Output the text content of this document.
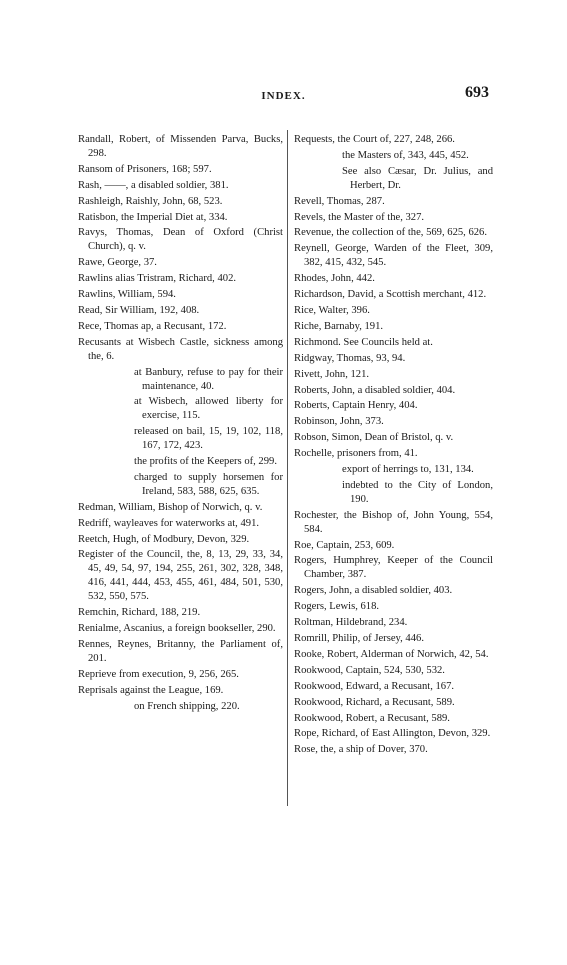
INDEX.	693

Randall, Robert, of Missenden Parva, Bucks, 298.

Ransom of Prisoners, 168; 597.

Rash, ——, a disabled soldier, 381.

Rashleigh, Raishly, John, 68, 523.

Ratisbon, the Imperial Diet at, 334.

Ravys, Thomas, Dean of Oxford (Christ Church), q. v.

Rawe, George, 37.

Rawlins alias Tristram, Richard, 402.

Rawlins, William, 594.

Read, Sir William, 192, 408.

Rece, Thomas ap, a Recusant, 172.

Recusants at Wisbech Castle, sickness among the, 6.

at Banbury, refuse to pay for their maintenance, 40.

at Wisbech, allowed liberty for exercise, 115.

released on bail, 15, 19, 102, 118, 167, 172, 423.

the profits of the Keepers of, 299.

charged to supply horsemen for Ireland, 583, 588, 625, 635.

Redman, William, Bishop of Norwich, q. v.

Redriff, wayleaves for waterworks at, 491.

Reetch, Hugh, of Modbury, Devon, 329.

Register of the Council, the, 8, 13, 29, 33, 34, 45, 49, 54, 97, 194, 255, 261, 302, 328, 348, 416, 441, 444, 453, 455, 461, 484, 501, 530, 532, 550, 575.

Remchin, Richard, 188, 219.

Renialme, Ascanius, a foreign bookseller, 290.

Rennes, Reynes, Britanny, the Parliament of, 201.

Reprieve from execution, 9, 256, 265.

Reprisals against the League, 169.

on French shipping, 220.

Requests, the Court of, 227, 248, 266.

the Masters of, 343, 445, 452.

See also Cæsar, Dr. Julius, and Herbert, Dr.

Revell, Thomas, 287.

Revels, the Master of the, 327.

Revenue, the collection of the, 569, 625, 626.

Reynell, George, Warden of the Fleet, 309, 382, 415, 432, 545.

Rhodes, John, 442.

Richardson, David, a Scottish merchant, 412.

Rice, Walter, 396.

Riche, Barnaby, 191.

Richmond. See Councils held at.

Ridgway, Thomas, 93, 94.

Rivett, John, 121.

Roberts, John, a disabled soldier, 404.

Roberts, Captain Henry, 404.

Robinson, John, 373.

Robson, Simon, Dean of Bristol, q. v.

Rochelle, prisoners from, 41.

export of herrings to, 131, 134.

indebted to the City of London, 190.

Rochester, the Bishop of, John Young, 554, 584.

Roe, Captain, 253, 609.

Rogers, Humphrey, Keeper of the Council Chamber, 387.

Rogers, John, a disabled soldier, 403.

Rogers, Lewis, 618.

Roltman, Hildebrand, 234.

Romrill, Philip, of Jersey, 446.

Rooke, Robert, Alderman of Norwich, 42, 54.

Rookwood, Captain, 524, 530, 532.

Rookwood, Edward, a Recusant, 167.

Rookwood, Richard, a Recusant, 589.

Rookwood, Robert, a Recusant, 589.

Rope, Richard, of East Allington, Devon, 329.

Rose, the, a ship of Dover, 370.
